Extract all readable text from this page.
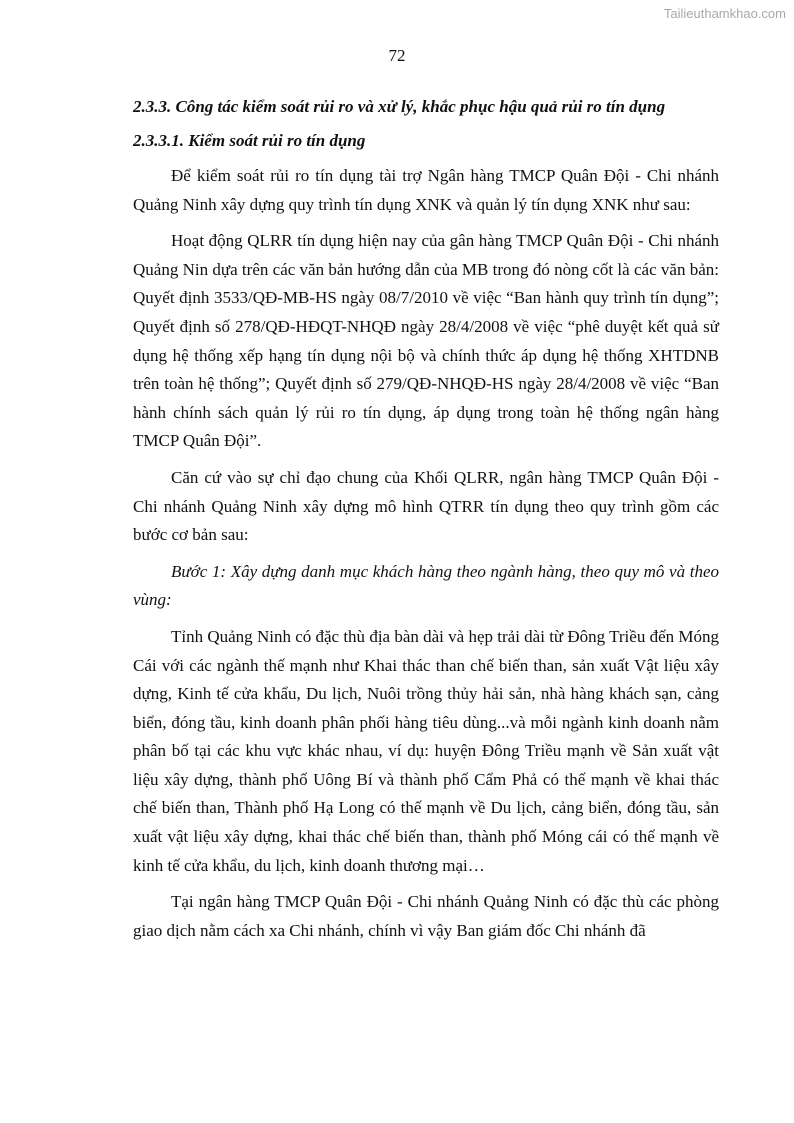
Tailieuthamkhao.com
72
2.3.3. Công tác kiểm soát rủi ro và xử lý, khắc phục hậu quả rủi ro tín dụng
2.3.3.1. Kiểm soát rủi ro tín dụng

Để kiểm soát rủi ro tín dụng tài trợ Ngân hàng TMCP Quân Đội - Chi nhánh Quảng Ninh xây dựng quy trình tín dụng XNK và quản lý tín dụng XNK như sau:

Hoạt động QLRR tín dụng hiện nay của gân hàng TMCP Quân Đội - Chi nhánh Quảng Nin dựa trên các văn bản hướng dẫn của MB trong đó nòng cốt là các văn bản: Quyết định 3533/QĐ-MB-HS ngày 08/7/2010 về việc “Ban hành quy trình tín dụng”; Quyết định số 278/QĐ-HĐQT-NHQĐ ngày 28/4/2008 về việc “phê duyệt kết quả sử dụng hệ thống xếp hạng tín dụng nội bộ và chính thức áp dụng hệ thống XHTDNB trên toàn hệ thống”; Quyết định số 279/QĐ-NHQĐ-HS ngày 28/4/2008 về việc “Ban hành chính sách quản lý rủi ro tín dụng, áp dụng trong toàn hệ thống ngân hàng TMCP Quân Đội”.

Căn cứ vào sự chỉ đạo chung của Khối QLRR, ngân hàng TMCP Quân Đội - Chi nhánh Quảng Ninh xây dựng mô hình QTRR tín dụng theo quy trình gồm các bước cơ bản sau:

Bước 1: Xây dựng danh mục khách hàng theo ngành hàng, theo quy mô và theo vùng:

Tỉnh Quảng Ninh có đặc thù địa bàn dài và hẹp trải dài từ Đông Triều đến Móng Cái với các ngành thế mạnh như Khai thác than chế biến than, sản xuất Vật liệu xây dựng, Kinh tế cửa khẩu, Du lịch, Nuôi trồng thủy hải sản, nhà hàng khách sạn, cảng biển, đóng tầu, kinh doanh phân phối hàng tiêu dùng...và mỗi ngành kinh doanh nằm phân bố tại các khu vực khác nhau, ví dụ: huyện Đông Triều mạnh về Sản xuất vật liệu xây dựng, thành phố Uông Bí và thành phố Cẩm Phả có thế mạnh về khai thác chế biến than, Thành phố Hạ Long có thế mạnh về Du lịch, cảng biển, đóng tầu, sản xuất vật liệu xây dựng, khai thác chế biến than, thành phố Móng cái có thế mạnh về kinh tế cửa khẩu, du lịch, kinh doanh thương mại…

Tại ngân hàng TMCP Quân Đội - Chi nhánh Quảng Ninh có đặc thù các phòng giao dịch nằm cách xa Chi nhánh, chính vì vậy Ban giám đốc Chi nhánh đã
